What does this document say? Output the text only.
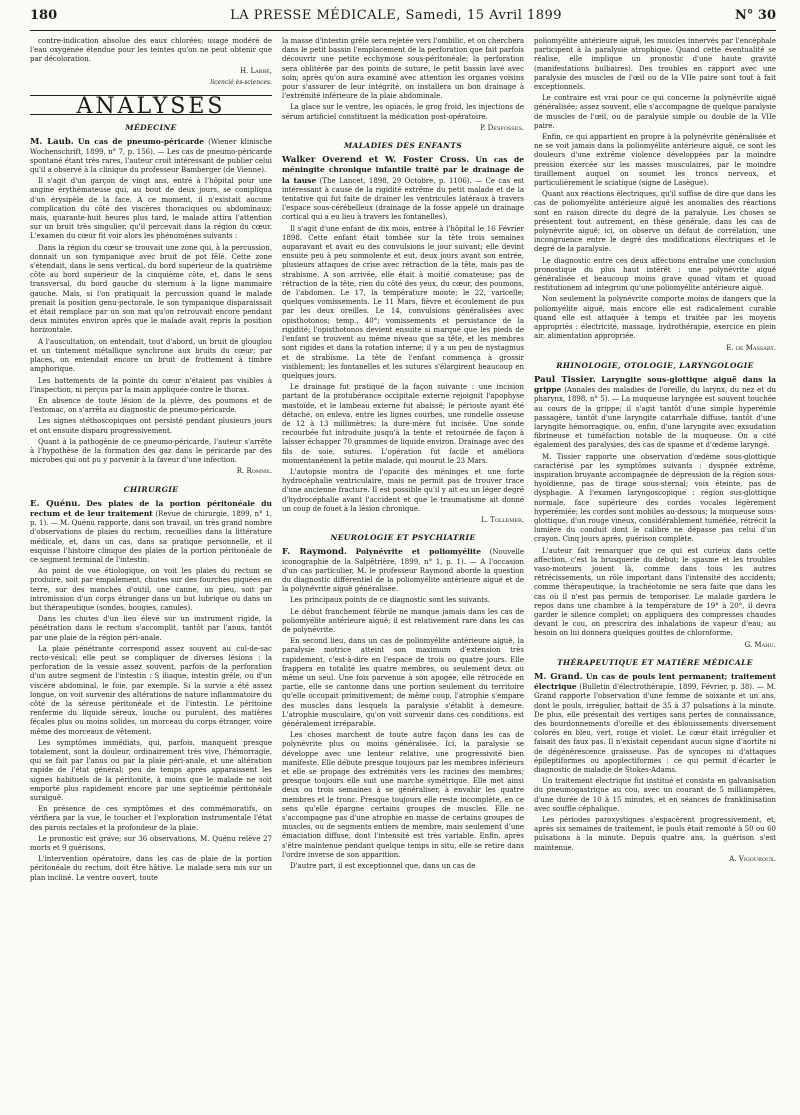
180	LA PRESSE MÉDICALE, Samedi, 15 Avril 1899	N° 30

contre-indication absolue des eaux chlorées; usage modéré de l'eau oxygénée étendue pour les teintes qu'on ne peut obtenir que par décoloration.

H. Labbé,
licencié ès-sciences.
ANALYSES
MÉDECINE

M. Laub. Un cas de pneumo-péricarde (Wiener klinische Wochenschrift, 1899, n° 7, p. 156). — Les cas de pneumo-péricarde spontané étant très rares, l'auteur croit intéressant de publier celui qu'il a observé à la clinique du professeur Bamberger (de Vienne).

Il s'agit d'un garçon de vingt ans, entré à l'hôpital pour une angine érythémateuse qui, au bout de deux jours, se compliqua d'un érysipèle de la face. A ce moment, il n'existait aucune complication du côté des viscères thoraciques ou abdominaux; mais, quarante-huit heures plus tard, le malade attira l'attention sur un bruit très singulier, qu'il percevait dans la région du cœur. L'examen du cœur fit voir alors les phénomènes suivants :

Dans la région du cœur se trouvait une zone qui, à la percussion, donnait un son tympanique avec bruit de pot fêlé. Cette zone s'étendait, dans le sens vertical, du bord supérieur de la quatrième côte au bord supérieur de la cinquième côte, et, dans le sens transversal, du bord gauche du sternum à la ligne mammaire gauche. Mais, si l'on pratiquait la percussion quand le malade prenait la position genu-pectorale, le son tympanique disparaissait et était remplacé par un son mat qu'on retrouvait encore pendant deux minutes environ après que le malade avait repris la position horizontale.

A l'auscultation, on entendait, tout d'abord, un bruit de glouglou et un tintement métallique synchrone aux bruits du cœur; par places, on entendait encore un bruit de frottement à timbre amphorique.

Les battements de la pointe du cœur n'étaient pas visibles à l'inspection, ni perçus par la main appliquée contre le thorax.

En absence de toute lésion de la plèvre, des poumons et de l'estomac, on s'arrêta au diagnostic de pneumo-péricarde.

Les signes stéthoscopiques ont persisté pendant plusieurs jours et ont ensuite disparu progressivement.

Quant à la pathogénie de ce pneumo-péricarde, l'auteur s'arrête à l'hypothèse de la formation des gaz dans le péricarde par des microbes qui ont pu y parvenir à la faveur d'une infection.

R. Romme.
CHIRURGIE

E. Quénu. Des plaies de la portion péritonéale du rectum et de leur traitement (Revue de chirurgie, 1899, n° 1, p. 1). — M. Quénu rapporte, dans son travail, un très grand nombre d'observations de plaies du rectum, recueillies dans la littérature médicale, et, dans un cas, dans sa pratique personnelle, et il esquisse l'histoire clinique des plaies de la portion péritonéale de ce segment terminal de l'intestin.

Au point de vue étiologique, on voit les plaies du rectum se produire, soit par empalement, chutes sur des fourches piquées en terre, sur des manches d'outil, une canne, un pieu, soit par intromission d'un corps étranger dans un but lubrique ou dans un but thérapeutique (sondes, bougies, canules).

Dans les chutes d'un lieu élevé sur un instrument rigide, la pénétration dans le rectum s'accomplit, tantôt par l'anus, tantôt par une plaie de la région péri-anale.

La plaie pénétrante correspond assez souvent au cul-de-sac recto-vésical; elle peut se compliquer de diverses lésions : la perforation de la vessie assez souvent, parfois de la perforation d'un autre segment de l'intestin : S iliaque, intestin grêle, ou d'un viscère abdominal, le foie, par exemple. Si la survie a été assez longue, on voit survenir des altérations de nature inflammatoire du côté de la séreuse péritonéale et de l'intestin. Le péritoine renferme du liquide séreux, louche ou purulent, des matières fécales plus ou moins solides, un morceau du corps étranger, voire même des morceaux de vêtement.

Les symptômes immédiats, qui, parfois, manquent presque totalement, sont la douleur, ordinairement très vive, l'hémorragie, qui se fait par l'anus ou par la plaie péri-anale, et une altération rapide de l'état général; peu de temps après apparaissent les signes habituels de la péritonite, à moins que le malade ne soit emporté plus rapidement encore par une septicémie péritonéale suraiguë.

En présence de ces symptômes et des commémoratifs, on vérifiera par la vue, le toucher et l'exploration instrumentale l'état des parois rectales et la profondeur de la plaie.

Le pronostic est grave; sur 36 observations, M. Quénu relève 27 morts et 9 guérisons.

L'intervention opératoire, dans les cas de plaie de la portion péritonéale du rectum, doit être hâtive. Le malade sera mis sur un plan incliné. Le ventre ouvert, toute

la masse d'intestin grêle sera rejetée vers l'ombilic, et on cherchera dans le petit bassin l'emplacement de la perforation que fait parfois découvrir une petite ecchymose sous-péritonéale; la perforation sera oblitérée par des points de suture, le petit bassin lavé avec soin; après qu'on aura examiné avec attention les organes voisins pour s'assurer de leur intégrité, on installera un bon drainage à l'extrémité inférieure de la plaie abdominale.

La glace sur le ventre, les opiacés, le grog froid, les injections de sérum artificiel constituent la médication post-opératoire.

P. Desfosses.
MALADIES DES ENFANTS

Walker Overend et W. Foster Cross. Un cas de méningite chronique infantile traité par le drainage de la tause (The Lancet, 1898, 29 Octobre, p. 1106). — Ce cas est intéressant à cause de la rigidité extrême du petit malade et de la tentative qui fut faite de drainer les ventricules latéraux à travers l'espace sous-cérébelleux (drainage de la fosse appelé un drainage cortical qui a eu lieu à travers les fontanelles).

Il s'agit d'une enfant de dix mois, entrée à l'hôpital le 16 Février 1898. Cette enfant était tombée sur la tête trois semaines auparavant et avait eu des convulsions le jour suivant; elle devint ensuite peu à peu somnolente et eut, deux jours avant son entrée, plusieurs attaques de crise avec rétraction de la tête, mais pas de strabisme. A son arrivée, elle était à moitié comateuse; pas de rétraction de la tête, rien du côté des yeux, du cœur, des poumons, de l'abdomen. Le 17, la température monte; le 22, varicelle; quelques vomissements. Le 11 Mars, fièvre et écoulement de pus par les deux oreilles. Le 14, convulsions généralisées avec opisthotonos; temp., 40°; vomissements et persistance de la rigidité; l'opisthotonos devient ensuite si marqué que les pieds de l'enfant se trouvent au même niveau que sa tête, et les membres sont rigides et dans la rotation interne; il y a un peu de nystagmus et de strabisme. La tête de l'enfant commença à grossir visiblement; les fontanelles et les sutures s'élargirent beaucoup en quelques jours.

Le drainage fut pratiqué de la façon suivante : une incision partant de la protubérance occipitale externe rejoignit l'apophyse mastoïde, et le lambeau externe fut abaissé; le périoste ayant été détaché, on enleva, entre les lignes courbes, une rondelle osseuse de 12 à 13 millimètres; la dure-mère fut incisée. Une sonde recourbée fut introduite jusqu'à la tente et retournée de façon à laisser échapper 70 grammes de liquide environ. Drainage avec des fils de soie, sutures. L'opération fut facile et améliora momentanément la petite malade, qui mourut le 23 Mars.

L'autopsie montra de l'opacité des méninges et une forte hydrocéphalie ventriculaire, mais ne permit pas de trouver trace d'une ancienne fracture. Il est possible qu'il y ait eu un léger degré d'hydrocéphalie avant l'accident et que le traumatisme ait donné un coup de fouet à la lésion chronique.

L. Tollemer.
NEUROLOGIE ET PSYCHIATRIE

F. Raymond. Polynévrite et poliomyélite (Nouvelle iconographie de la Salpêtrière, 1899, n° 1, p. 1). — A l'occasion d'un cas particulier, M. le professeur Raymond aborde la question du diagnostic différentiel de la poliomyélite antérieure aiguë et de la polynévrite aiguë généralisée.

Les principaux points de ce diagnostic sont les suivants.

Le début franchement fébrile ne manque jamais dans les cas de poliomyélite antérieure aiguë; il est relativement rare dans les cas de polynévrite.

En second lieu, dans un cas de poliomyélite antérieure aiguë, la paralysie motrice atteint son maximum d'extension très rapidement, c'est-à-dire en l'espace de trois ou quatre jours. Elle frappera en totalité les quatre membres, ou seulement deux ou même un seul. Une fois parvenue à son apogée, elle rétrocède en partie, elle se cantonne dans une portion seulement du territoire qu'elle occupait primitivement; de même coup, l'atrophie s'empare des muscles dans lesquels la paralysie s'établit à demeure. L'atrophie musculaire, qu'on voit survenir dans ces conditions, est généralement irréparable.

Les choses marchent de toute autre façon dans les cas de polynévrite plus ou moins généralisée. Ici, la paralysie se développe avec une lenteur relative, une progressivité bien manifeste. Elle débute presque toujours par les membres inférieurs et elle se propage des extrémités vers les racines des membres; presque toujours elle suit une marche symétrique. Elle met ainsi deux ou trois semaines à se généraliser, à envahir les quatre membres et le tronc. Presque toujours elle reste incomplète, en ce sens qu'elle épargne certains groupes de muscles. Elle ne s'accompagne pas d'une atrophie en masse de certains groupes de muscles, ou de segments entiers de membre, mais seulement d'une émaciation diffuse, dont l'intensité est très variable. Enfin, après s'être maintenue pendant quelque temps in situ, elle se retire dans l'ordre inverse de son apparition.

D'autre part, il est exceptionnel que, dans un cas de

poliomyélite antérieure aiguë, les muscles innervés par l'encéphale participent à la paralysie atrophique. Quand cette éventualité se réalise, elle implique un pronostic d'une haute gravité (manifestations bulbaires). Des troubles en rapport avec une paralysie des muscles de l'œil ou de la VIIe paire sont tout à fait exceptionnels.

Le contraire est vrai pour ce qui concerne la polynévrite aiguë généralisée; assez souvent, elle s'accompagne de quelque paralysie de muscles de l'œil, ou de paralysie simple ou double de la VIIe paire.

Enfin, ce qui appartient en propre à la polynévrite généralisée et ne se voit jamais dans la poliomyélite antérieure aiguë, ce sont les douleurs d'une extrême violence développées par la moindre pression exercée sur les masses musculaires, par le moindre tiraillement auquel on soumet les troncs nerveux, et particulièrement le sciatique (signe de Lasègue).

Quant aux réactions électriques, qu'il suffise de dire que dans les cas de poliomyélite antérieure aiguë les anomalies des réactions sont en raison directe du degré de la paralysie. Les choses se présentent tout autrement, en thèse générale, dans les cas de polynévrite aiguë; ici, on observe un défaut de corrélation, une incongruence entre le degré des modifications électriques et le degré de la paralysie.

Le diagnostic entre ces deux affections entraîne une conclusion pronostique du plus haut intérêt : une polynévrite aiguë généralisée et beaucoup moins grave quoad vitam et quoad restitutionem ad integrum qu'une poliomyélite antérieure aiguë.

Non seulement la polynévrite comporte moins de dangers que la poliomyélite aiguë, mais encore elle est radicalement curable quand elle est attaquée à temps et traitée par les moyens appropriés : électricité, massage, hydrothérapie, exercice en plein air, alimentation appropriée.

E. de Massary.
RHINOLOGIE, OTOLOGIE, LARYNGOLOGIE

Paul Tissier. Laryngite sous-glottique aiguë dans la grippe (Annales des maladies de l'oreille, du larynx, du nez et du pharynx, 1898, n° 5). — La muqueuse laryngée est souvent touchée au cours de la grippe; il s'agit tantôt d'une simple hyperémie passagère, tantôt d'une laryngite catarrhale diffuse, tantôt d'une laryngite hémorragique, ou, enfin, d'une laryngite avec exsudation fibrineuse et tuméfaction notable de la muqueuse. On a cité également des paralysies, des cas de spasme et d'œdème laryngé.

M. Tissier rapporte une observation d'œdème sous-glottique caractérisé par les symptômes suivants : dyspnée extrême, inspiration bruyante accompagnée de dépression de la région sous-hyoïdienne, pas de tirage sous-sternal; voix éteinte, pas de dysphagie. A l'examen laryngoscopique : région sus-glottique normale, face supérieure des cordes vocales légèrement hyperémiée; les cordes sont mobiles au-dessous; la muqueuse sous-glottique, d'un rouge vineux, considérablement tuméfiée, rétrécit la lumière du conduit dont le calibre ne dépasse pas celui d'un crayon. Cinq jours après, guérison complète.

L'auteur fait remarquer que ce qui est curieux dans cette affection, c'est la brusquerie du début; le spasme et les troubles vaso-moteurs jouent là, comme dans tous les autres rétrécissements, un rôle important dans l'intensité des accidents; comme thérapeutique, la trachéotomie ne sera faite que dans les cas où il n'est pas permis de temporiser. Le malade gardera le repos dans une chambre à la température de 19° à 20°, il devra garder le silence complet; on appliquera des compresses chaudes devant le cou, on prescrira des inhalations de vapeur d'eau; au besoin on lui donnera quelques gouttes de chloroforme.

G. Mahu.
THÉRAPEUTIQUE ET MATIÈRE MÉDICALE

M. Grand. Un cas de pouls lent permanent; traitement électrique (Bulletin d'électrothérapie, 1899, Février, p. 38). — M. Grand rapporte l'observation d'une femme de soixante et un ans, dont le pouls, irrégulier, battait de 35 à 37 pulsations à la minute. De plus, elle présentait des vertiges sans pertes de connaissance, des bourdonnements d'oreille et des éblouissements diversement colorés en bleu, vert, rouge et violet. Le cœur était irrégulier et faisait des faux pas. Il n'existait cependant aucun signe d'aortite ni de dégénérescence graisseuse. Pas de syncopes ni d'attaques épileptiformes ou apoplectiformes : ce qui permit d'écarter le diagnostic de maladie de Stokes-Adams.

Un traitement électrique fut institué et consista en galvanisation du pneumogastrique au cou, avec un courant de 5 milliampères, d'une durée de 10 à 15 minutes, et en séances de franklinisation avec souffle céphalique.

Les périodes paroxystiques s'espacèrent progressivement, et, après six semaines de traitement, le pouls était remonté à 50 ou 60 pulsations à la minute. Depuis quatre ans, la guérison s'est maintenue.

A. Vigouroux.
